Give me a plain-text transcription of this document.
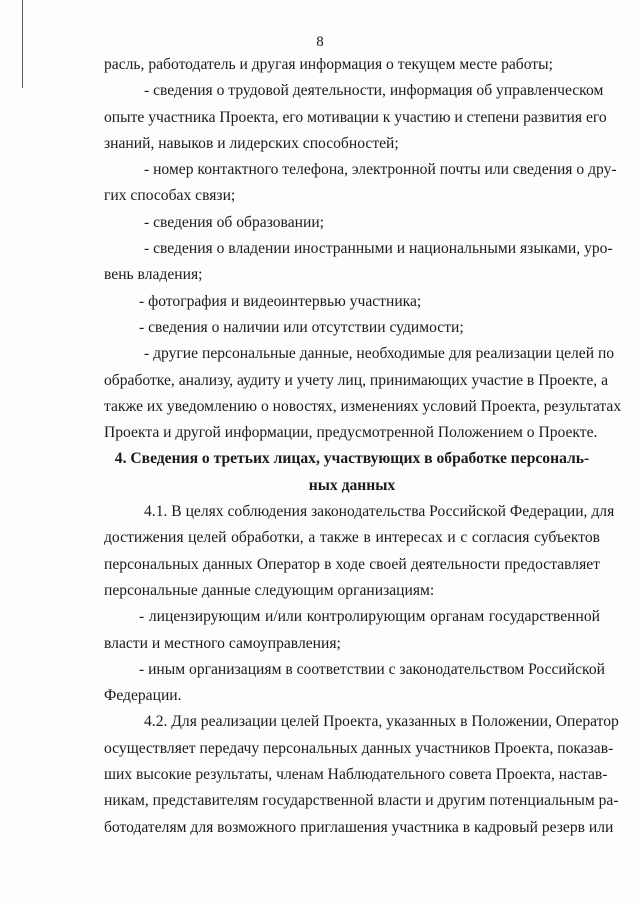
8
расль, работодатель и другая информация о текущем месте работы;
- сведения о трудовой деятельности, информация об управленческом
опыте участника Проекта, его мотивации к участию и степени развития его
знаний, навыков и лидерских способностей;
- номер контактного телефона, электронной почты или сведения о дру-
гих способах связи;
- сведения об образовании;
- сведения о владении иностранными и национальными языками, уро-
вень владения;
- фотография и видеоинтервью участника;
- сведения о наличии или отсутствии судимости;
- другие персональные данные, необходимые для реализации целей по
обработке, анализу, аудиту и учету лиц, принимающих участие в Проекте, а
также их уведомлению о новостях, изменениях условий Проекта, результатах
Проекта и другой информации, предусмотренной Положением о Проекте.
4. Сведения о третьих лицах, участвующих в обработке персональ-
ных данных
4.1. В целях соблюдения законодательства Российской Федерации, для
достижения целей обработки, а также в интересах и с согласия субъектов
персональных данных Оператор в ходе своей деятельности предоставляет
персональные данные следующим организациям:
- лицензирующим и/или контролирующим органам государственной
власти и местного самоуправления;
- иным организациям в соответствии с законодательством Российской
Федерации.
4.2. Для реализации целей Проекта, указанных в Положении, Оператор
осуществляет передачу персональных данных участников Проекта, показав-
ших высокие результаты, членам Наблюдательного совета Проекта, настав-
никам, представителям государственной власти и другим потенциальным ра-
ботодателям для возможного приглашения участника в кадровый резерв или
